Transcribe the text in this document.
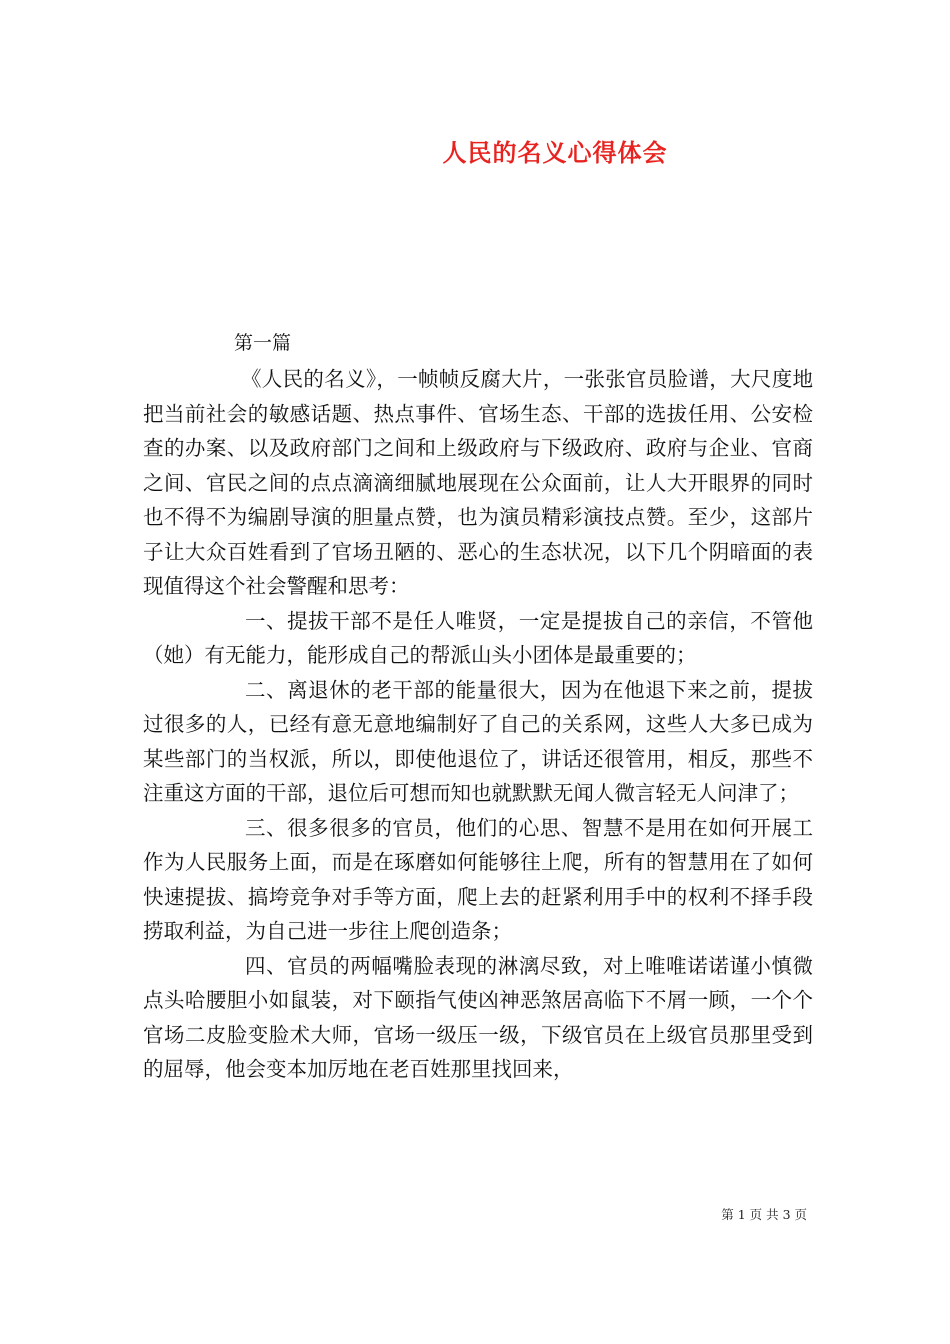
人民的名义心得体会
第一篇

《人民的名义》，一帧帧反腐大片，一张张官员脸谱，大尺度地把当前社会的敏感话题、热点事件、官场生态、干部的选拔任用、公安检查的办案、以及政府部门之间和上级政府与下级政府、政府与企业、官商之间、官民之间的点点滴滴细腻地展现在公众面前，让人大开眼界的同时也不得不为编剧导演的胆量点赞，也为演员精彩演技点赞。至少，这部片子让大众百姓看到了官场丑陋的、恶心的生态状况，以下几个阴暗面的表现值得这个社会警醒和思考：

一、提拔干部不是任人唯贤，一定是提拔自己的亲信，不管他（她）有无能力，能形成自己的帮派山头小团体是最重要的；

二、离退休的老干部的能量很大，因为在他退下来之前，提拔过很多的人，已经有意无意地编制好了自己的关系网，这些人大多已成为某些部门的当权派，所以，即使他退位了，讲话还很管用，相反，那些不注重这方面的干部，退位后可想而知也就默默无闻人微言轻无人问津了；

三、很多很多的官员，他们的心思、智慧不是用在如何开展工作为人民服务上面，而是在琢磨如何能够往上爬，所有的智慧用在了如何快速提拔、搞垮竞争对手等方面，爬上去的赶紧利用手中的权利不择手段捞取利益，为自己进一步往上爬创造条；

四、官员的两幅嘴脸表现的淋漓尽致，对上唯唯诺诺谨小慎微点头哈腰胆小如鼠装，对下颐指气使凶神恶煞居高临下不屑一顾，一个个官场二皮脸变脸术大师，官场一级压一级，下级官员在上级官员那里受到的屈辱，他会变本加厉地在老百姓那里找回来，

第 1 页 共 3 页
